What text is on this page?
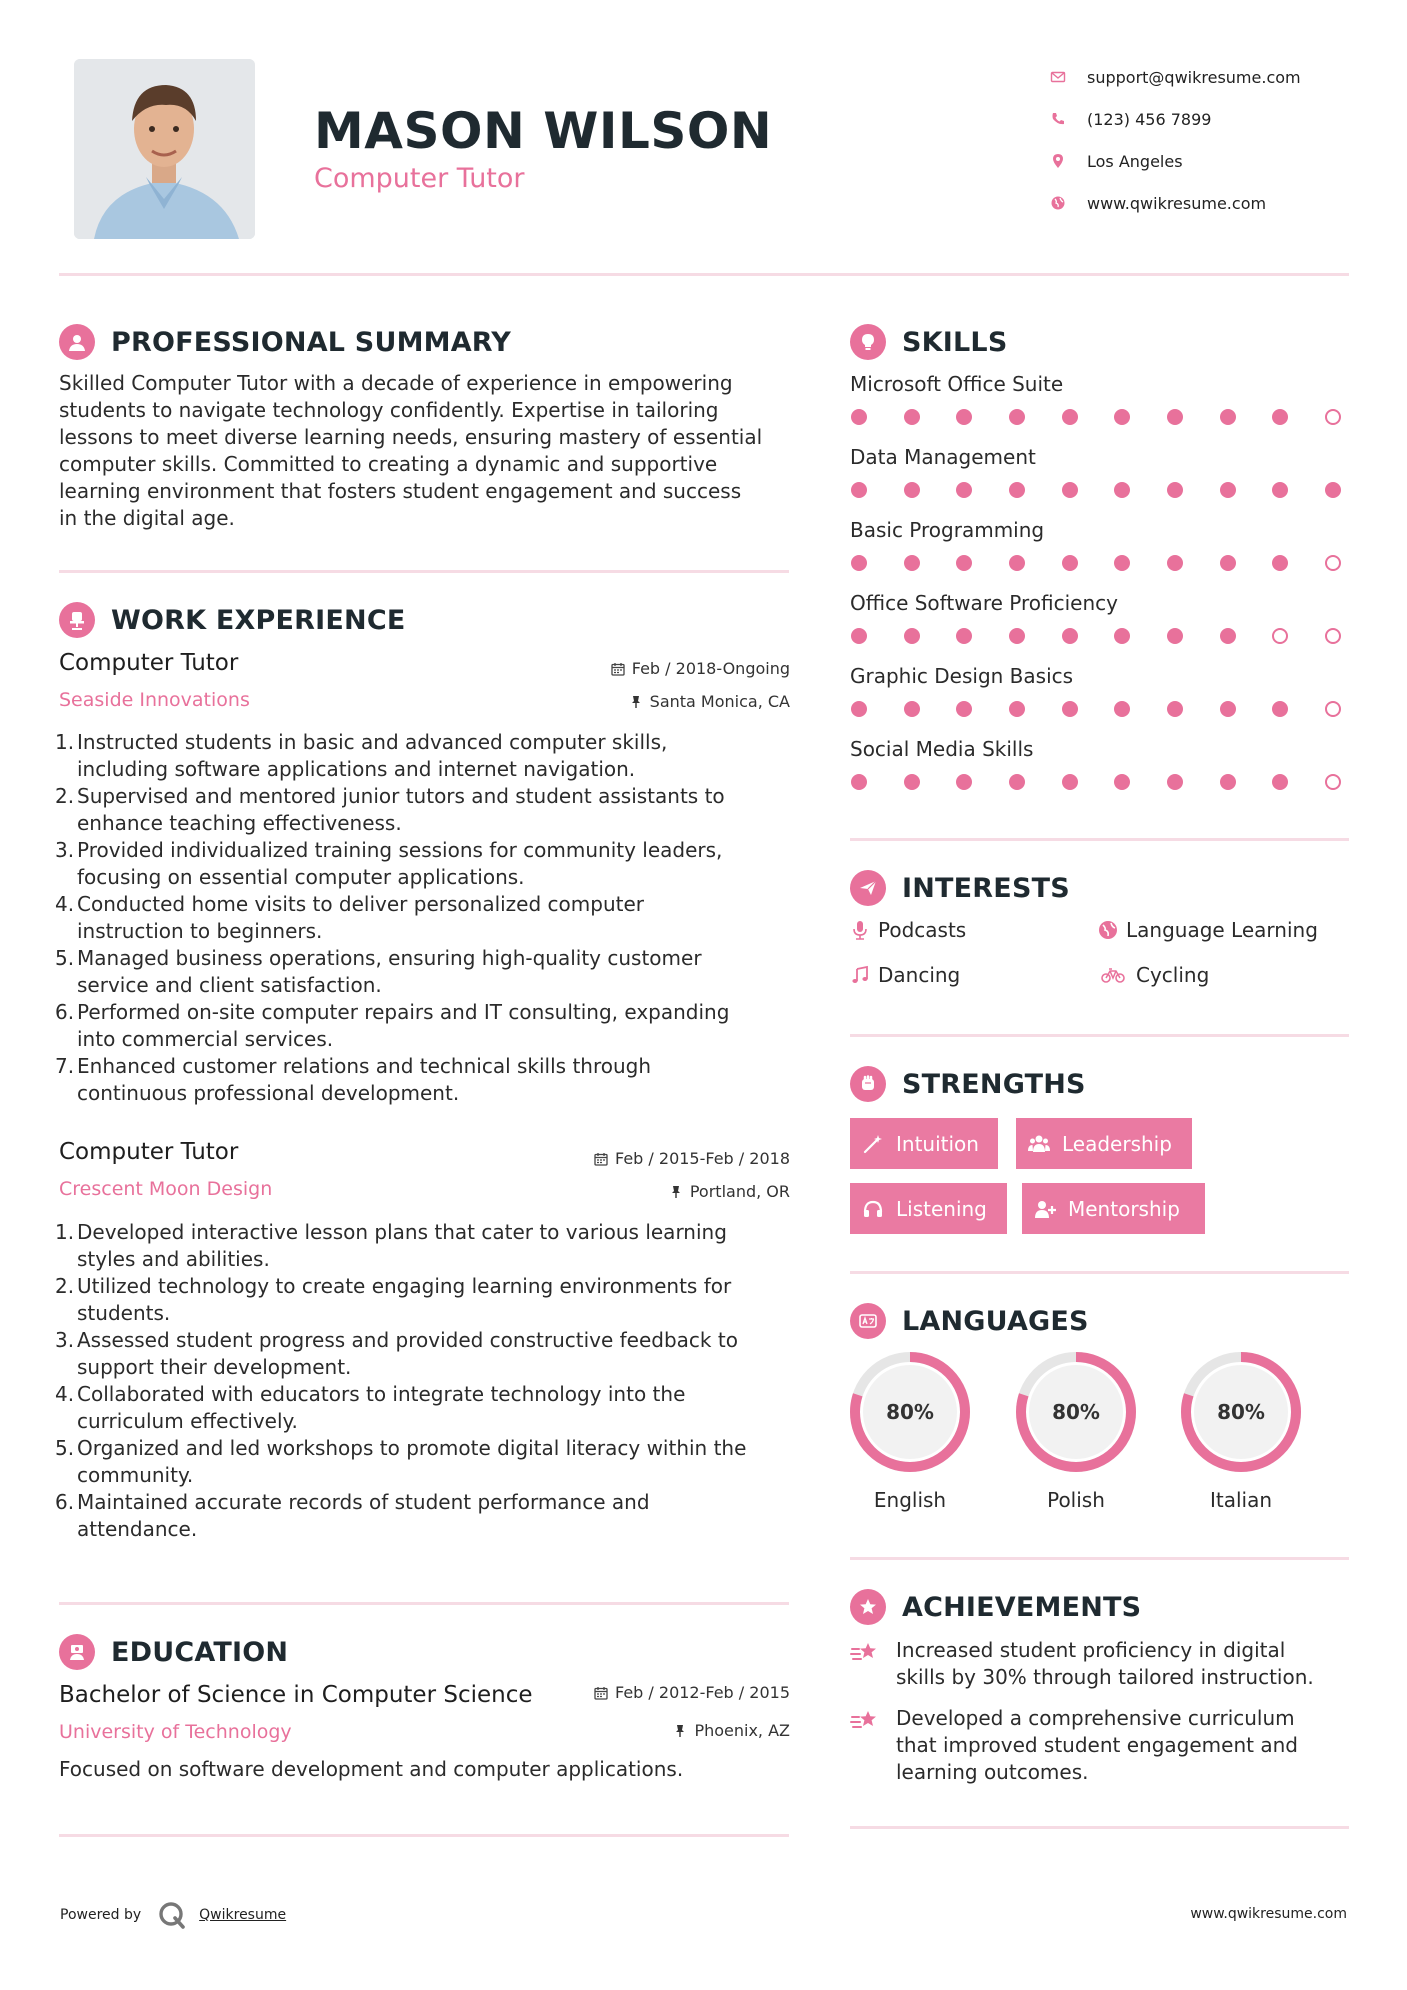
MASON WILSON
Computer Tutor
support@qwikresume.com
(123) 456 7899
Los Angeles
www.qwikresume.com
PROFESSIONAL SUMMARY
Skilled Computer Tutor with a decade of experience in empowering
students to navigate technology confidently. Expertise in tailoring
lessons to meet diverse learning needs, ensuring mastery of essential
computer skills. Committed to creating a dynamic and supportive
learning environment that fosters student engagement and success
in the digital age.
WORK EXPERIENCE
Computer Tutor
Seaside Innovations
Feb / 2018-Ongoing
Santa Monica, CA
1. Instructed students in basic and advanced computer skills,
including software applications and internet navigation.
2. Supervised and mentored junior tutors and student assistants to
enhance teaching effectiveness.
3. Provided individualized training sessions for community leaders,
focusing on essential computer applications.
4. Conducted home visits to deliver personalized computer
instruction to beginners.
5. Managed business operations, ensuring high-quality customer
service and client satisfaction.
6. Performed on-site computer repairs and IT consulting, expanding
into commercial services.
7. Enhanced customer relations and technical skills through
continuous professional development.
Computer Tutor
Crescent Moon Design
Feb / 2015-Feb / 2018
Portland, OR
1. Developed interactive lesson plans that cater to various learning
styles and abilities.
2. Utilized technology to create engaging learning environments for
students.
3. Assessed student progress and provided constructive feedback to
support their development.
4. Collaborated with educators to integrate technology into the
curriculum effectively.
5. Organized and led workshops to promote digital literacy within the
community.
6. Maintained accurate records of student performance and
attendance.
EDUCATION
Bachelor of Science in Computer Science
University of Technology
Feb / 2012-Feb / 2015
Phoenix, AZ
Focused on software development and computer applications.
SKILLS
Microsoft Office Suite
Data Management
Basic Programming
Office Software Proficiency
Graphic Design Basics
Social Media Skills
INTERESTS
Podcasts	Language Learning
Dancing	Cycling
STRENGTHS
Intuition	Leadership
Listening	Mentorship
LANGUAGES
80%
English
80%
Polish
80%
Italian
ACHIEVEMENTS
Increased student proficiency in digital
skills by 30% through tailored instruction.
Developed a comprehensive curriculum
that improved student engagement and
learning outcomes.
Powered by	Qwikresume	www.qwikresume.com
